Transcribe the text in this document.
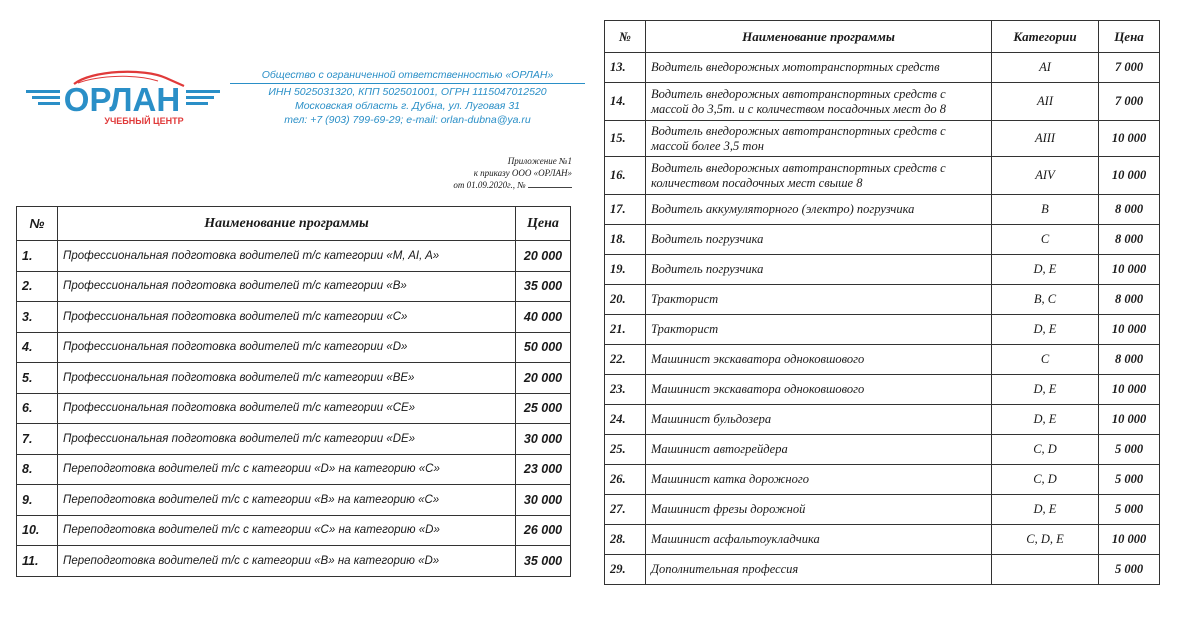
ОРЛАН
УЧЕБНЫЙ ЦЕНТР
Общество с ограниченной ответственностью «ОРЛАН»
ИНН 5025031320, КПП 502501001, ОГРН 1115047012520
Московская область г. Дубна, ул. Луговая 31
тел: +7 (903) 799-69-29; e-mail: orlan-dubna@ya.ru
Приложение №1
к приказу ООО «ОРЛАН»
от 01.09.2020г., №
№	Наименование программы	Цена
1.	Профессиональная подготовка водителей т/с категории «M, AI, A»	20 000
2.	Профессиональная подготовка водителей т/с категории «B»	35 000
3.	Профессиональная подготовка водителей т/с категории «C»	40 000
4.	Профессиональная подготовка водителей т/с категории «D»	50 000
5.	Профессиональная подготовка водителей т/с категории «BE»	20 000
6.	Профессиональная подготовка водителей т/с категории «CE»	25 000
7.	Профессиональная подготовка водителей т/с категории «DE»	30 000
8.	Переподготовка водителей т/с с категории «D» на категорию «C»	23 000
9.	Переподготовка водителей т/с с категории «B» на категорию «C»	30 000
10.	Переподготовка водителей т/с с категории «C» на категорию «D»	26 000
11.	Переподготовка водителей т/с с категории «B» на категорию «D»	35 000
№	Наименование программы	Категории	Цена
13.	Водитель внедорожных мототранспортных средств	AI	7 000
14.	Водитель внедорожных автотранспортных средств с массой до 3,5т. и с количеством посадочных мест до 8	AII	7 000
15.	Водитель внедорожных автотранспортных средств с массой более 3,5 тон	AIII	10 000
16.	Водитель внедорожных автотранспортных средств с количеством посадочных мест свыше 8	AIV	10 000
17.	Водитель аккумуляторного (электро) погрузчика	B	8 000
18.	Водитель погрузчика	C	8 000
19.	Водитель погрузчика	D, E	10 000
20.	Тракторист	B, C	8 000
21.	Тракторист	D, E	10 000
22.	Машинист экскаватора одноковшового	C	8 000
23.	Машинист экскаватора одноковшового	D, E	10 000
24.	Машинист бульдозера	D, E	10 000
25.	Машинист автогрейдера	C, D	5 000
26.	Машинист катка дорожного	C, D	5 000
27.	Машинист фрезы дорожной	D, E	5 000
28.	Машинист асфальтоукладчика	C, D, E	10 000
29.	Дополнительная профессия		5 000
